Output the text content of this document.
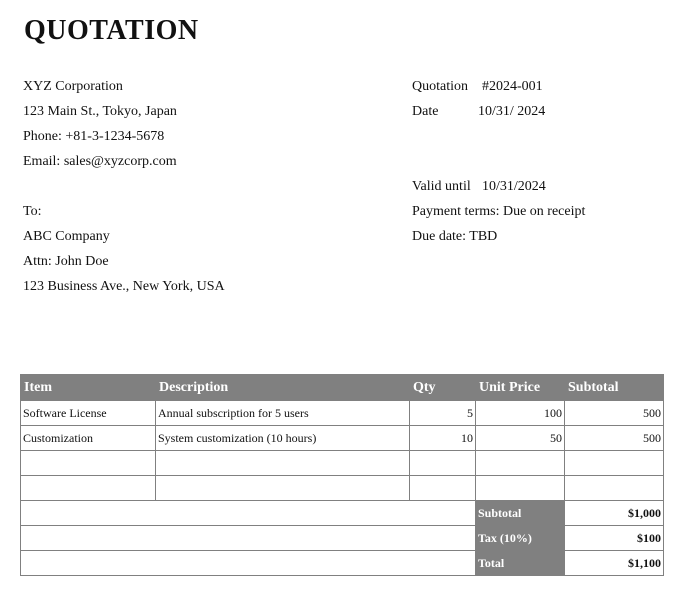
QUOTATION
XYZ Corporation
123 Main St., Tokyo, Japan
Phone: +81-3-1234-5678
Email: sales@xyzcorp.com
To:
ABC Company
Attn: John Doe
123 Business Ave., New York, USA
Quotation #2024-001
Date	10/31/ 2024
Valid until 10/31/2024
Payment terms: Due on receipt
Due date: TBD
Item	Description	Qty	Unit Price	Subtotal
Software License	Annual subscription for 5 users	5	100	500
Customization	System customization (10 hours)	10	50	500

			Subtotal	$1,000
			Tax (10%)	$100
			Total	$1,100
